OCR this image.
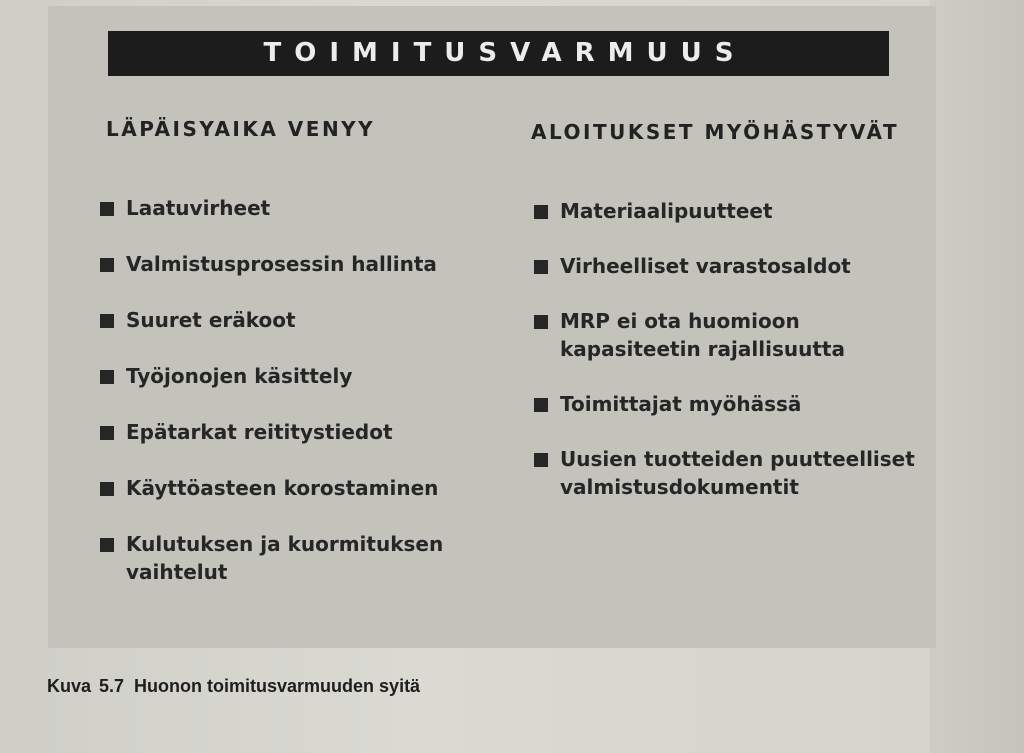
TOIMITUSVARMUUS
LÄPÄISYAIKA VENYY	ALOITUKSET MYÖHÄSTYVÄT
Laatuvirheet
Valmistusprosessin hallinta
Suuret eräkoot
Työjonojen käsittely
Epätarkat reititystiedot
Käyttöasteen korostaminen
Kulutuksen ja kuormituksen vaihtelut
Materiaalipuutteet
Virheelliset varastosaldot
MRP ei ota huomioon kapasiteetin rajallisuutta
Toimittajat myöhässä
Uusien tuotteiden puutteelliset valmistusdokumentit
Kuva 5.7 Huonon toimitusvarmuuden syitä
